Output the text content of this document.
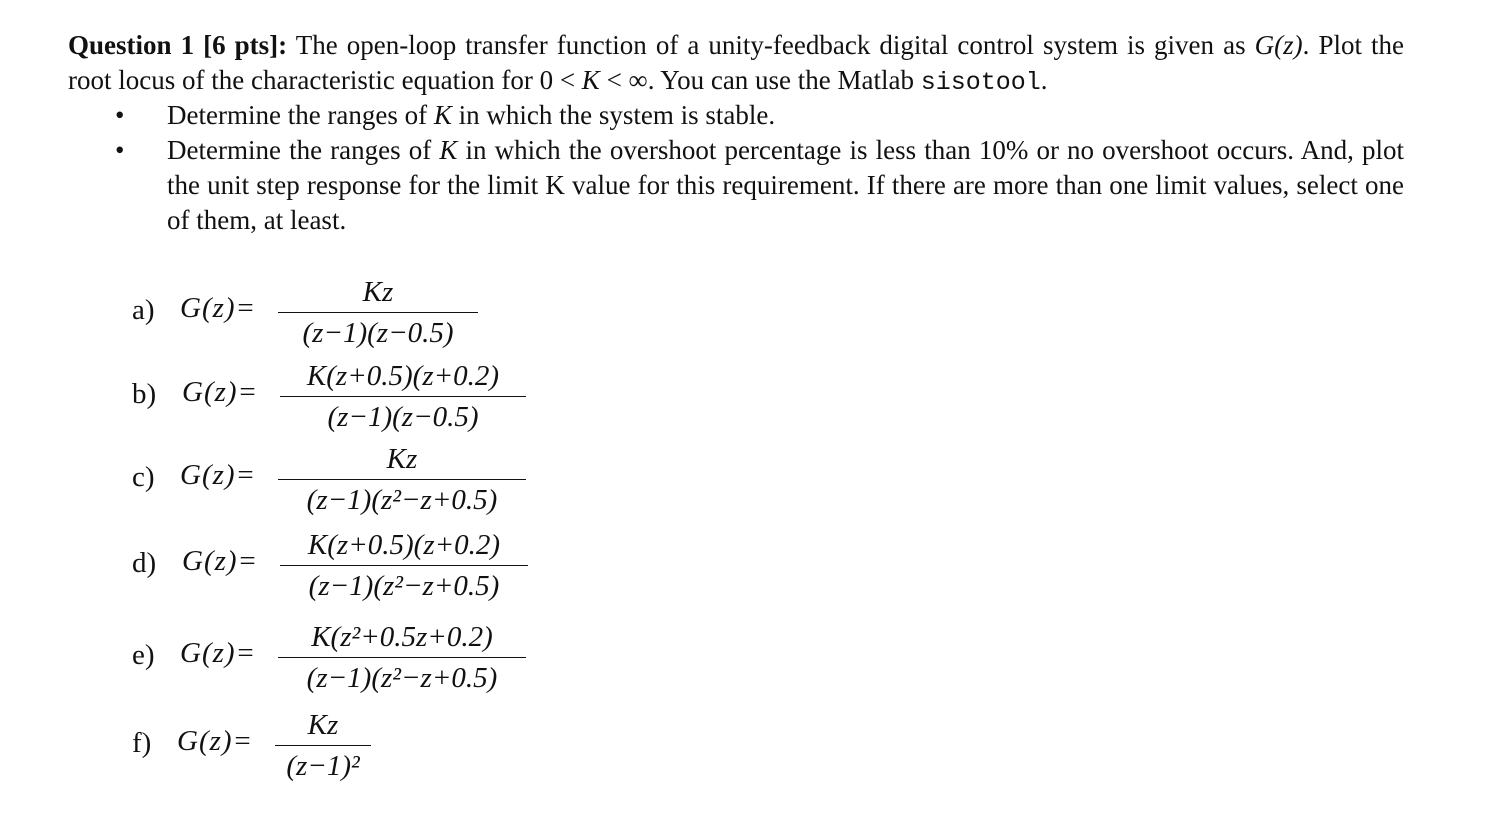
Question 1 [6 pts]: The open-loop transfer function of a unity-feedback digital control system is given as G(z). Plot the root locus of the characteristic equation for 0 < K < ∞. You can use the Matlab sisotool.

• Determine the ranges of K in which the system is stable.
• Determine the ranges of K in which the overshoot percentage is less than 10% or no overshoot occurs. And, plot the unit step response for the limit K value for this requirement. If there are more than one limit values, select one of them, at least.
a) G(z)=	Kz
(z−1)(z−0.5)
b) G(z)=	K(z+0.5)(z+0.2)
(z−1)(z−0.5)
c) G(z)=	Kz
(z−1)(z²−z+0.5)
d) G(z)=	K(z+0.5)(z+0.2)
(z−1)(z²−z+0.5)
e) G(z)=	K(z²+0.5z+0.2)
(z−1)(z²−z+0.5)
f) G(z)=	Kz
(z−1)²
